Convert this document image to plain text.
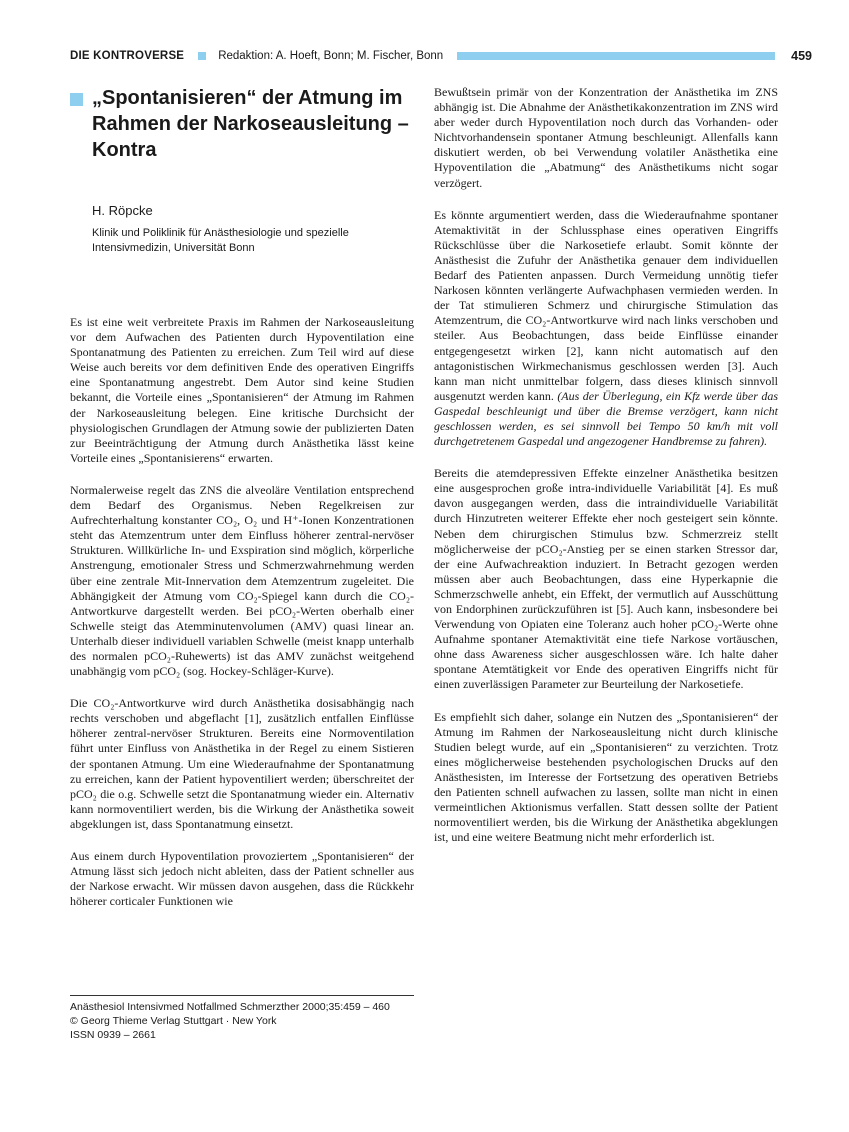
DIE KONTROVERSE	Redaktion: A. Hoeft, Bonn; M. Fischer, Bonn	459
„Spontanisieren“ der Atmung im Rahmen der Narkoseausleitung – Kontra
H. Röpcke
Klinik und Poliklinik für Anästhesiologie und spezielle Intensivmedizin, Universität Bonn

Es ist eine weit verbreitete Praxis im Rahmen der Narkoseausleitung vor dem Aufwachen des Patienten durch Hypoventilation eine Spontanatmung des Patienten zu erreichen. Zum Teil wird auf diese Weise auch bereits vor dem definitiven Ende des operativen Eingriffs eine Spontanatmung angestrebt. Dem Autor sind keine Studien bekannt, die Vorteile eines „Spontanisieren“ der Atmung im Rahmen der Narkoseausleitung belegen. Eine kritische Durchsicht der physiologischen Grundlagen der Atmung sowie der publizierten Daten zur Beeinträchtigung der Atmung durch Anästhetika lässt keine Vorteile eines „Spontanisierens“ erwarten.

Normalerweise regelt das ZNS die alveoläre Ventilation entsprechend dem Bedarf des Organismus. Neben Regelkreisen zur Aufrechterhaltung konstanter CO₂, O₂ und H⁺-Ionen Konzentrationen steht das Atemzentrum unter dem Einfluss höherer zentral-nervöser Strukturen. Willkürliche In- und Exspiration sind möglich, körperliche Anstrengung, emotionaler Stress und Schmerzwahrnehmung werden über eine zentrale Mit-Innervation dem Atemzentrum zugeleitet. Die Abhängigkeit der Atmung vom CO₂-Spiegel kann durch die CO₂-Antwortkurve dargestellt werden. Bei pCO₂-Werten oberhalb einer Schwelle steigt das Atemminutenvolumen (AMV) quasi linear an. Unterhalb dieser individuell variablen Schwelle (meist knapp unterhalb des normalen pCO₂-Ruhewerts) ist das AMV zunächst weitgehend unabhängig vom pCO₂ (sog. Hockey-Schläger-Kurve).

Die CO₂-Antwortkurve wird durch Anästhetika dosisabhängig nach rechts verschoben und abgeflacht [1], zusätzlich entfallen Einflüsse höherer zentral-nervöser Strukturen. Bereits eine Normoventilation führt unter Einfluss von Anästhetika in der Regel zu einem Sistieren der spontanen Atmung. Um eine Wiederaufnahme der Spontanatmung zu erreichen, kann der Patient hypoventiliert werden; überschreitet der pCO₂ die o.g. Schwelle setzt die Spontanatmung wieder ein. Alternativ kann normoventiliert werden, bis die Wirkung der Anästhetika soweit abgeklungen ist, dass Spontanatmung einsetzt.

Aus einem durch Hypoventilation provoziertem „Spontanisieren“ der Atmung lässt sich jedoch nicht ableiten, dass der Patient schneller aus der Narkose erwacht. Wir müssen davon ausgehen, dass die Rückkehr höherer corticaler Funktionen wie

Bewußtsein primär von der Konzentration der Anästhetika im ZNS abhängig ist. Die Abnahme der Anästhetikakonzentration im ZNS wird aber weder durch Hypoventilation noch durch das Vorhanden- oder Nichtvorhandensein spontaner Atmung beschleunigt. Allenfalls kann diskutiert werden, ob bei Verwendung volatiler Anästhetika eine Hypoventilation die „Abatmung“ des Anästhetikums nicht sogar verzögert.

Es könnte argumentiert werden, dass die Wiederaufnahme spontaner Atemaktivität in der Schlussphase eines operativen Eingriffs Rückschlüsse über die Narkosetiefe erlaubt. Somit könnte der Anästhesist die Zufuhr der Anästhetika genauer dem individuellen Bedarf des Patienten anpassen. Durch Vermeidung unnötig tiefer Narkosen könnten verlängerte Aufwachphasen vermieden werden. In der Tat stimulieren Schmerz und chirurgische Stimulation das Atemzentrum, die CO₂-Antwortkurve wird nach links verschoben und steiler. Aus Beobachtungen, dass beide Einflüsse einander entgegengesetzt wirken [2], kann nicht automatisch auf den antagonistischen Wirkmechanismus geschlossen werden [3]. Auch kann man nicht unmittelbar folgern, dass dieses klinisch sinnvoll ausgenutzt werden kann. (Aus der Überlegung, ein Kfz werde über das Gaspedal beschleunigt und über die Bremse verzögert, kann nicht geschlossen werden, es sei sinnvoll bei Tempo 50 km/h mit voll durchgetretenem Gaspedal und angezogener Handbremse zu fahren).

Bereits die atemdepressiven Effekte einzelner Anästhetika besitzen eine ausgesprochen große intra-individuelle Variabilität [4]. Es muß davon ausgegangen werden, dass die intraindividuelle Variabilität durch Hinzutreten weiterer Effekte eher noch gesteigert sein könnte. Neben dem chirurgischen Stimulus bzw. Schmerzreiz stellt möglicherweise der pCO₂-Anstieg per se einen starken Stressor dar, der eine Aufwachreaktion induziert. In Betracht gezogen werden müssen aber auch Beobachtungen, dass eine Hyperkapnie die Schmerzschwelle anhebt, ein Effekt, der vermutlich auf Ausschüttung von Endorphinen zurückzuführen ist [5]. Auch kann, insbesondere bei Verwendung von Opiaten eine Toleranz auch hoher pCO₂-Werte ohne Aufnahme spontaner Atemaktivität eine tiefe Narkose vortäuschen, ohne dass Awareness sicher ausgeschlossen wäre. Ich halte daher spontane Atemtätigkeit vor Ende des operativen Eingriffs nicht für einen zuverlässigen Parameter zur Beurteilung der Narkosetiefe.

Es empfiehlt sich daher, solange ein Nutzen des „Spontanisieren“ der Atmung im Rahmen der Narkoseausleitung nicht durch klinische Studien belegt wurde, auf ein „Spontanisieren“ zu verzichten. Trotz eines möglicherweise bestehenden psychologischen Drucks auf den Anästhesisten, im Interesse der Fortsetzung des operativen Betriebs den Patienten schnell aufwachen zu lassen, sollte man nicht in einen vermeintlichen Aktionismus verfallen. Statt dessen sollte der Patient normoventiliert werden, bis die Wirkung der Anästhetika abgeklungen ist, und eine weitere Beatmung nicht mehr erforderlich ist.

Anästhesiol Intensivmed Notfallmed Schmerzther 2000;35:459 – 460
© Georg Thieme Verlag Stuttgart · New York
ISSN 0939 – 2661
